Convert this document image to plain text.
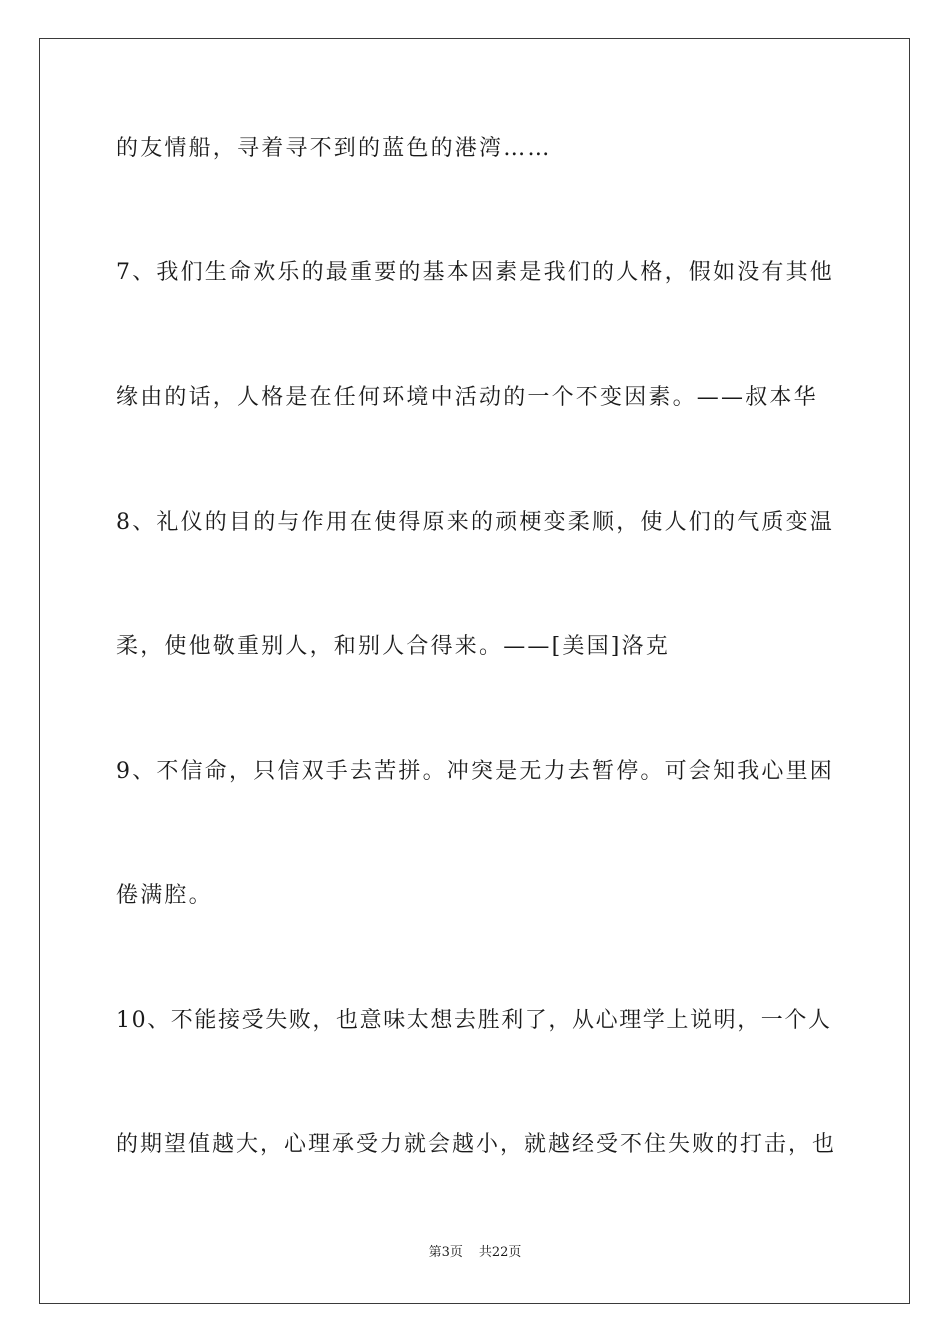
的友情船，寻着寻不到的蓝色的港湾……
7、我们生命欢乐的最重要的基本因素是我们的人格，假如没有其他
缘由的话，人格是在任何环境中活动的一个不变因素。——叔本华
8、礼仪的目的与作用在使得原来的顽梗变柔顺，使人们的气质变温
柔，使他敬重别人，和别人合得来。——[美国]洛克
9、不信命，只信双手去苦拼。冲突是无力去暂停。可会知我心里困
倦满腔。
10、不能接受失败，也意味太想去胜利了，从心理学上说明，一个人
的期望值越大，心理承受力就会越小，就越经受不住失败的打击，也
第3页 共22页
